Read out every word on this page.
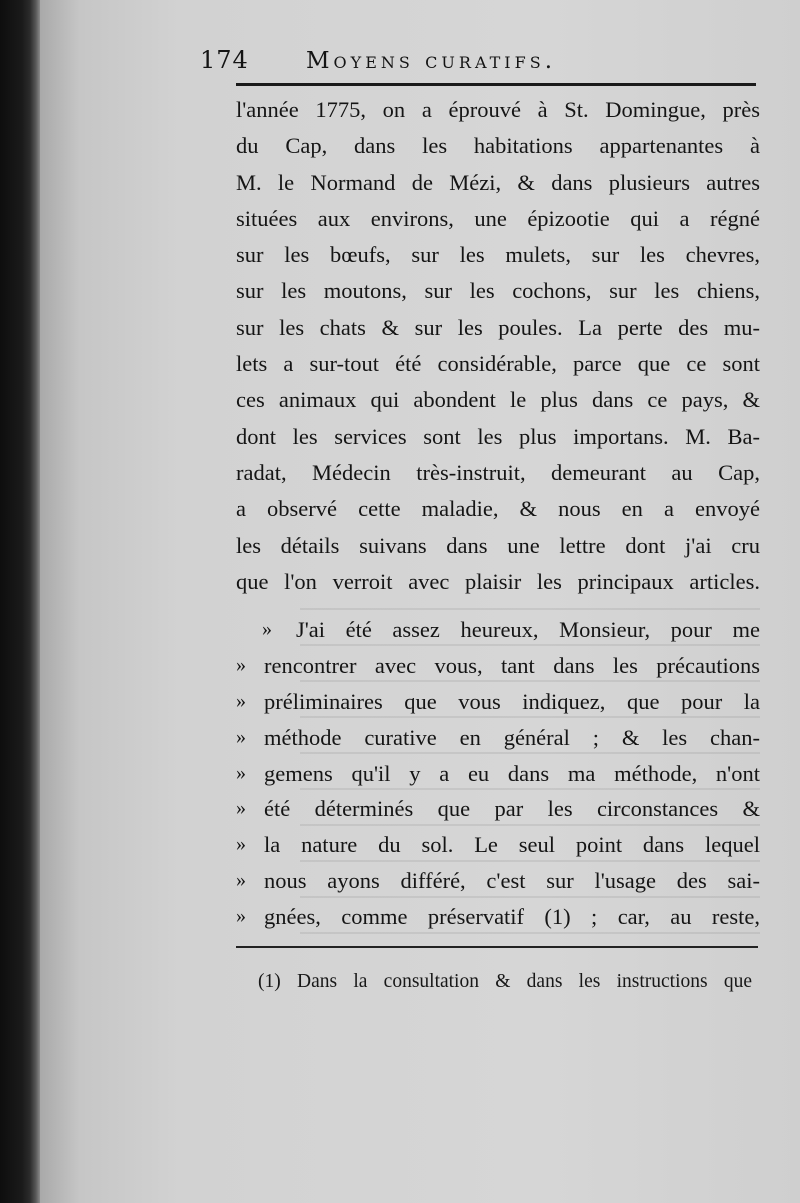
174 Moyens curatifs.
l'année 1775, on a éprouvé à St. Domingue, près
du Cap, dans les habitations appartenantes à
M. le Normand de Mézi, & dans plusieurs autres
situées aux environs, une épizootie qui a régné
sur les bœufs, sur les mulets, sur les chevres,
sur les moutons, sur les cochons, sur les chiens,
sur les chats & sur les poules. La perte des mu-
lets a sur-tout été considérable, parce que ce sont
ces animaux qui abondent le plus dans ce pays, &
dont les services sont les plus importans. M. Ba-
radat, Médecin très-instruit, demeurant au Cap,
a observé cette maladie, & nous en a envoyé
les détails suivans dans une lettre dont j'ai cru
que l'on verroit avec plaisir les principaux articles.
»	J'ai été assez heureux, Monsieur, pour me
» rencontrer avec vous, tant dans les précautions
» préliminaires que vous indiquez, que pour la
» méthode curative en général ; & les chan-
» gemens qu'il y a eu dans ma méthode, n'ont
» été déterminés que par les circonstances &
» la nature du sol. Le seul point dans lequel
» nous ayons différé, c'est sur l'usage des sai-
» gnées, comme préservatif (1) ; car, au reste,
(1) Dans la consultation & dans les instructions que
